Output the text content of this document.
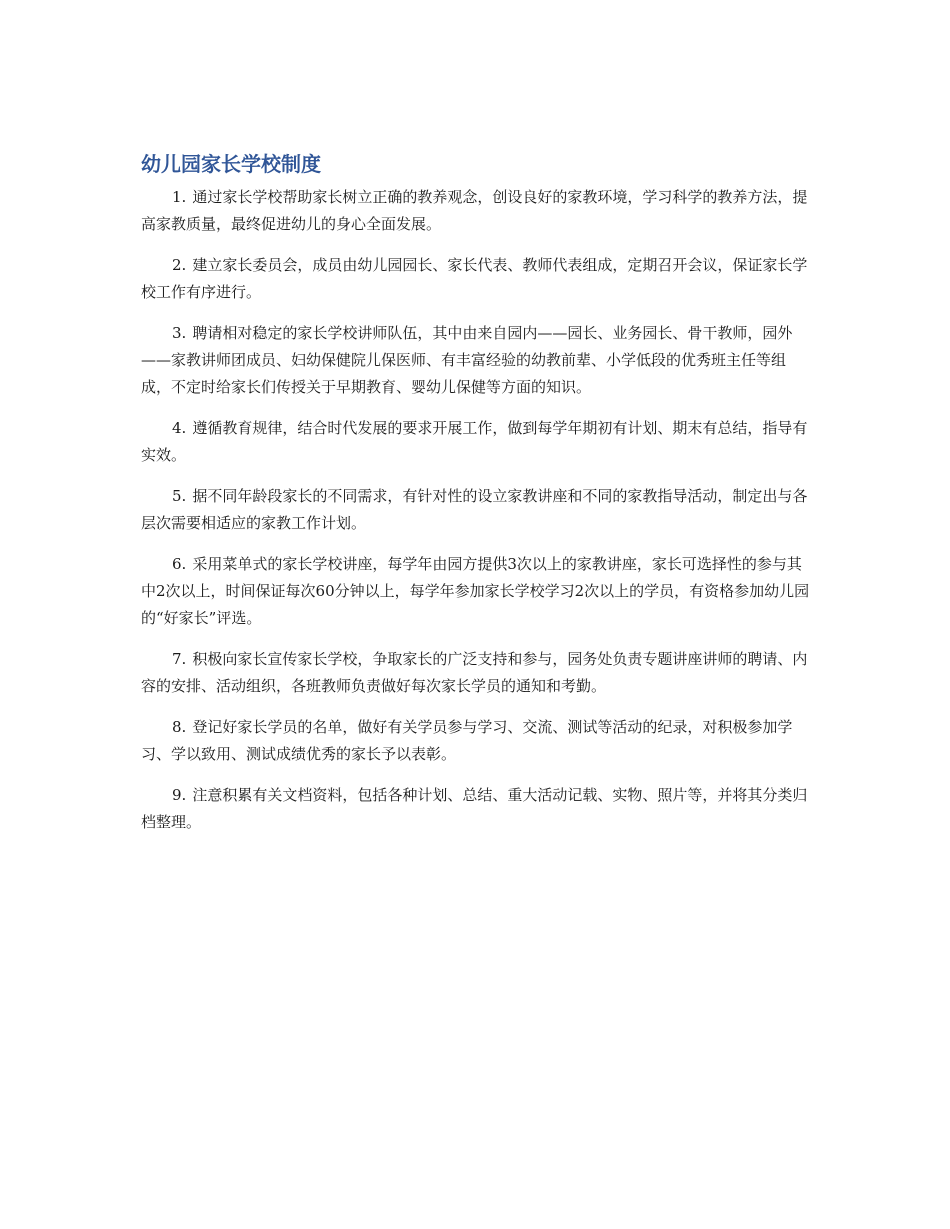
幼儿园家长学校制度

1. 通过家长学校帮助家长树立正确的教养观念，创设良好的家教环境，学习科学的教养方法，提高家教质量，最终促进幼儿的身心全面发展。

2. 建立家长委员会，成员由幼儿园园长、家长代表、教师代表组成，定期召开会议，保证家长学校工作有序进行。

3. 聘请相对稳定的家长学校讲师队伍，其中由来自园内——园长、业务园长、骨干教师，园外——家教讲师团成员、妇幼保健院儿保医师、有丰富经验的幼教前辈、小学低段的优秀班主任等组成，不定时给家长们传授关于早期教育、婴幼儿保健等方面的知识。

4. 遵循教育规律，结合时代发展的要求开展工作，做到每学年期初有计划、期末有总结，指导有实效。

5. 据不同年龄段家长的不同需求，有针对性的设立家教讲座和不同的家教指导活动，制定出与各层次需要相适应的家教工作计划。

6. 采用菜单式的家长学校讲座，每学年由园方提供3次以上的家教讲座，家长可选择性的参与其中2次以上，时间保证每次60分钟以上，每学年参加家长学校学习2次以上的学员，有资格参加幼儿园的“好家长”评选。

7. 积极向家长宣传家长学校，争取家长的广泛支持和参与，园务处负责专题讲座讲师的聘请、内容的安排、活动组织，各班教师负责做好每次家长学员的通知和考勤。

8. 登记好家长学员的名单，做好有关学员参与学习、交流、测试等活动的纪录，对积极参加学习、学以致用、测试成绩优秀的家长予以表彰。

9. 注意积累有关文档资料，包括各种计划、总结、重大活动记载、实物、照片等，并将其分类归档整理。
